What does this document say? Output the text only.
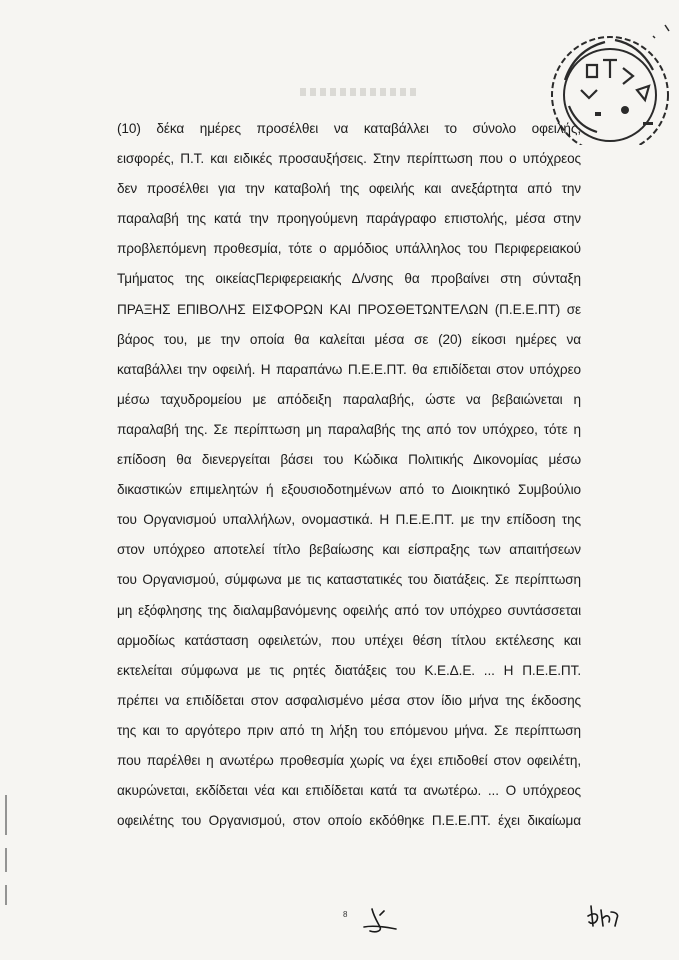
(10) δέκα ημέρες προσέλθει να καταβάλλει το σύνολο οφειλής,
εισφορές, Π.Τ. και ειδικές προσαυξήσεις. Στην περίπτωση που ο υπόχρεος
δεν προσέλθει για την καταβολή της οφειλής και ανεξάρτητα από την
παραλαβή της κατά την προηγούμενη παράγραφο επιστολής, μέσα στην
προβλεπόμενη προθεσμία, τότε ο αρμόδιος υπάλληλος του Περιφερειακού
Τμήματος της οικείαςΠεριφερειακής Δ/νσης θα προβαίνει στη σύνταξη
ΠΡΑΞΗΣ ΕΠΙΒΟΛΗΣ ΕΙΣΦΟΡΩΝ ΚΑΙ ΠΡΟΣΘΕΤΩΝΤΕΛΩΝ (Π.Ε.Ε.ΠΤ) σε
βάρος του, με την οποία θα καλείται μέσα σε (20) είκοσι ημέρες να
καταβάλλει την οφειλή. Η παραπάνω Π.Ε.Ε.ΠΤ. θα επιδίδεται στον υπόχρεο
μέσω ταχυδρομείου με απόδειξη παραλαβής, ώστε να βεβαιώνεται η
παραλαβή της. Σε περίπτωση μη παραλαβής της από τον υπόχρεο, τότε η
επίδοση θα διενεργείται βάσει του Κώδικα Πολιτικής Δικονομίας μέσω
δικαστικών επιμελητών ή εξουσιοδοτημένων από το Διοικητικό Συμβούλιο
του Οργανισμού υπαλλήλων, ονομαστικά. Η Π.Ε.Ε.ΠΤ. με την επίδοση της
στον υπόχρεο αποτελεί τίτλο βεβαίωσης και είσπραξης των απαιτήσεων
του Οργανισμού, σύμφωνα με τις καταστατικές του διατάξεις. Σε περίπτωση
μη εξόφλησης της διαλαμβανόμενης οφειλής από τον υπόχρεο συντάσσεται
αρμοδίως κατάσταση οφειλετών, που υπέχει θέση τίτλου εκτέλεσης και
εκτελείται σύμφωνα με τις ρητές διατάξεις του Κ.Ε.Δ.Ε. ... Η Π.Ε.Ε.ΠΤ.
πρέπει να επιδίδεται στον ασφαλισμένο μέσα στον ίδιο μήνα της έκδοσης
της και το αργότερο πριν από τη λήξη του επόμενου μήνα. Σε περίπτωση
που παρέλθει η ανωτέρω προθεσμία χωρίς να έχει επιδοθεί στον οφειλέτη,
ακυρώνεται, εκδίδεται νέα και επιδίδεται κατά τα ανωτέρω. ... Ο υπόχρεος
οφειλέτης του Οργανισμού, στον οποίο εκδόθηκε Π.Ε.Ε.ΠΤ. έχει δικαίωμα
8
